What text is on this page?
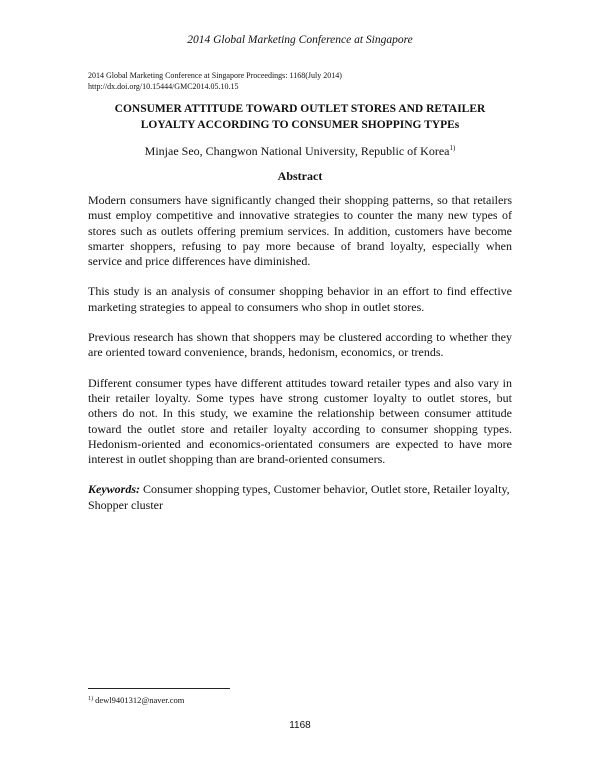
2014 Global Marketing Conference at Singapore
2014 Global Marketing Conference at Singapore Proceedings: 1168(July 2014)
http://dx.doi.org/10.15444/GMC2014.05.10.15
CONSUMER ATTITUDE TOWARD OUTLET STORES AND RETAILER
LOYALTY ACCORDING TO CONSUMER SHOPPING TYPEs
Minjae Seo, Changwon National University, Republic of Korea$^{1)}$
Abstract

Modern consumers have significantly changed their shopping patterns, so that retailers must employ competitive and innovative strategies to counter the many new types of stores such as outlets offering premium services. In addition, customers have become smarter shoppers, refusing to pay more because of brand loyalty, especially when service and price differences have diminished.

This study is an analysis of consumer shopping behavior in an effort to find effective marketing strategies to appeal to consumers who shop in outlet stores.

Previous research has shown that shoppers may be clustered according to whether they are oriented toward convenience, brands, hedonism, economics, or trends.

Different consumer types have different attitudes toward retailer types and also vary in their retailer loyalty. Some types have strong customer loyalty to outlet stores, but others do not. In this study, we examine the relationship between consumer attitude toward the outlet store and retailer loyalty according to consumer shopping types. Hedonism-oriented and economics-orientated consumers are expected to have more interest in outlet shopping than are brand-oriented consumers.

Keywords: Consumer shopping types, Customer behavior, Outlet store, Retailer loyalty, Shopper cluster

$^{1)}$ dewl9401312@naver.com
1168
